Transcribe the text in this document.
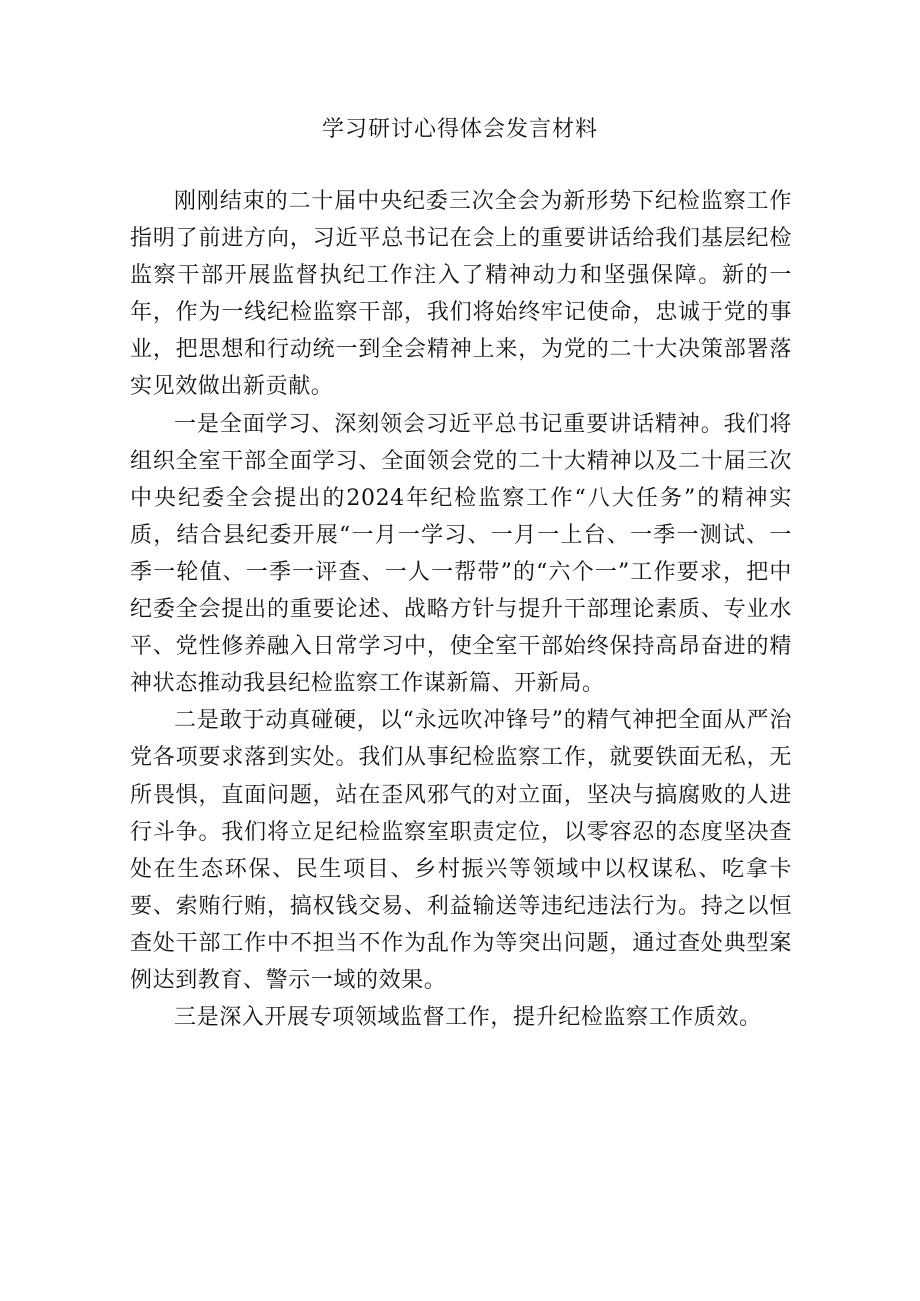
学习研讨心得体会发言材料

刚刚结束的二十届中央纪委三次全会为新形势下纪检监察工作指明了前进方向，习近平总书记在会上的重要讲话给我们基层纪检监察干部开展监督执纪工作注入了精神动力和坚强保障。新的一年，作为一线纪检监察干部，我们将始终牢记使命，忠诚于党的事业，把思想和行动统一到全会精神上来，为党的二十大决策部署落实见效做出新贡献。

一是全面学习、深刻领会习近平总书记重要讲话精神。我们将组织全室干部全面学习、全面领会党的二十大精神以及二十届三次中央纪委全会提出的2024年纪检监察工作“八大任务”的精神实质，结合县纪委开展“一月一学习、一月一上台、一季一测试、一季一轮值、一季一评查、一人一帮带”的“六个一”工作要求，把中纪委全会提出的重要论述、战略方针与提升干部理论素质、专业水平、党性修养融入日常学习中，使全室干部始终保持高昂奋进的精神状态推动我县纪检监察工作谋新篇、开新局。

二是敢于动真碰硬，以“永远吹冲锋号”的精气神把全面从严治党各项要求落到实处。我们从事纪检监察工作，就要铁面无私，无所畏惧，直面问题，站在歪风邪气的对立面，坚决与搞腐败的人进行斗争。我们将立足纪检监察室职责定位，以零容忍的态度坚决查处在生态环保、民生项目、乡村振兴等领域中以权谋私、吃拿卡要、索贿行贿，搞权钱交易、利益输送等违纪违法行为。持之以恒查处干部工作中不担当不作为乱作为等突出问题，通过查处典型案例达到教育、警示一域的效果。

三是深入开展专项领域监督工作，提升纪检监察工作质效。
